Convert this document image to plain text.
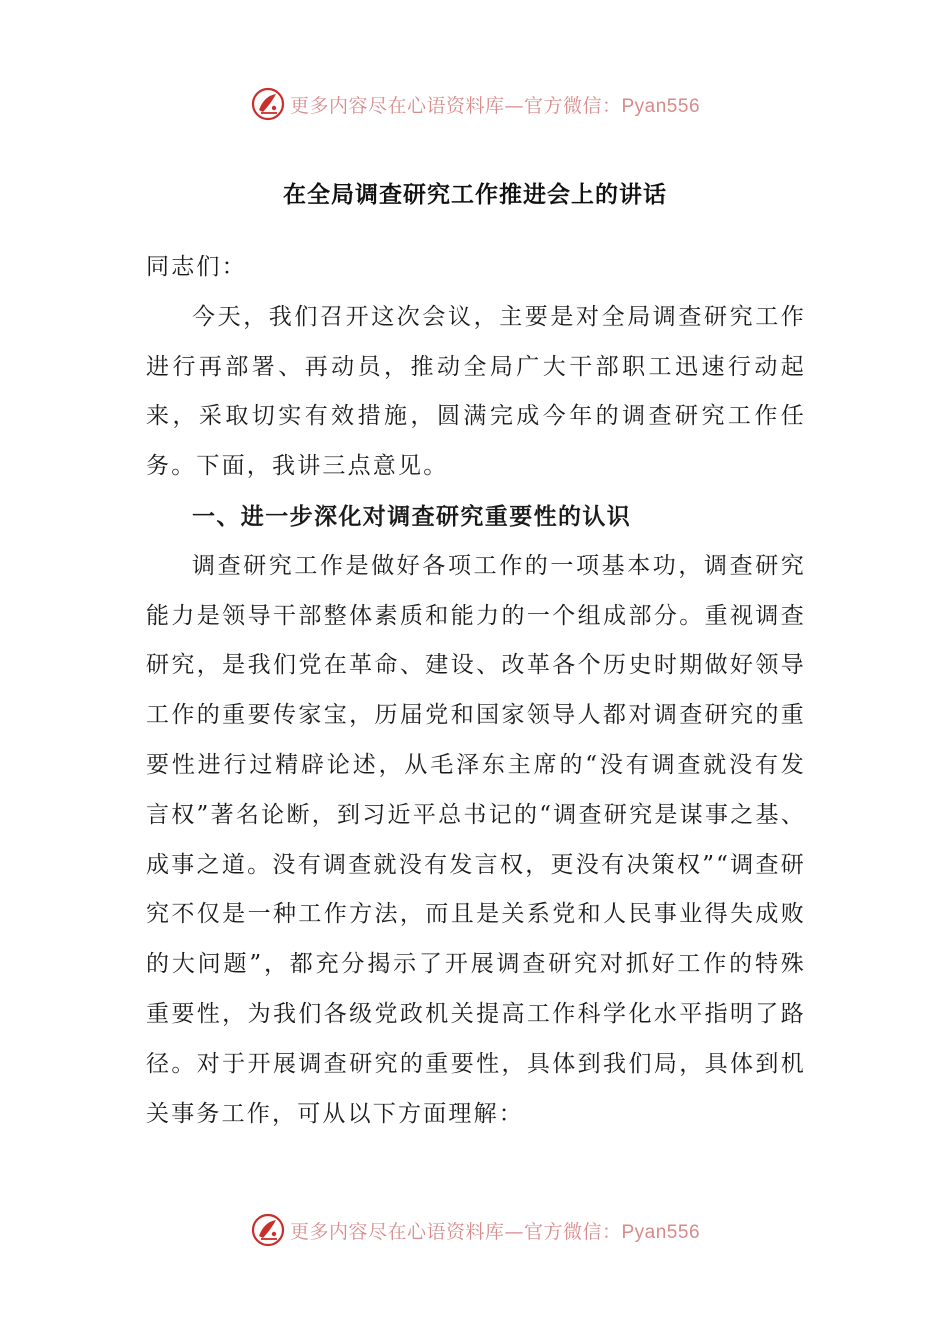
更多内容尽在心语资料库—官方微信：Pyan556
在全局调查研究工作推进会上的讲话

同志们：

今天，我们召开这次会议，主要是对全局调查研究工作进行再部署、再动员，推动全局广大干部职工迅速行动起来，采取切实有效措施，圆满完成今年的调查研究工作任务。下面，我讲三点意见。

一、进一步深化对调查研究重要性的认识

调查研究工作是做好各项工作的一项基本功，调查研究能力是领导干部整体素质和能力的一个组成部分。重视调查研究，是我们党在革命、建设、改革各个历史时期做好领导工作的重要传家宝，历届党和国家领导人都对调查研究的重要性进行过精辟论述，从毛泽东主席的“没有调查就没有发言权”著名论断，到习近平总书记的“调查研究是谋事之基、成事之道。没有调查就没有发言权，更没有决策权”“调查研究不仅是一种工作方法，而且是关系党和人民事业得失成败的大问题”，都充分揭示了开展调查研究对抓好工作的特殊重要性，为我们各级党政机关提高工作科学化水平指明了路径。对于开展调查研究的重要性，具体到我们局，具体到机关事务工作，可从以下方面理解：

更多内容尽在心语资料库—官方微信：Pyan556
